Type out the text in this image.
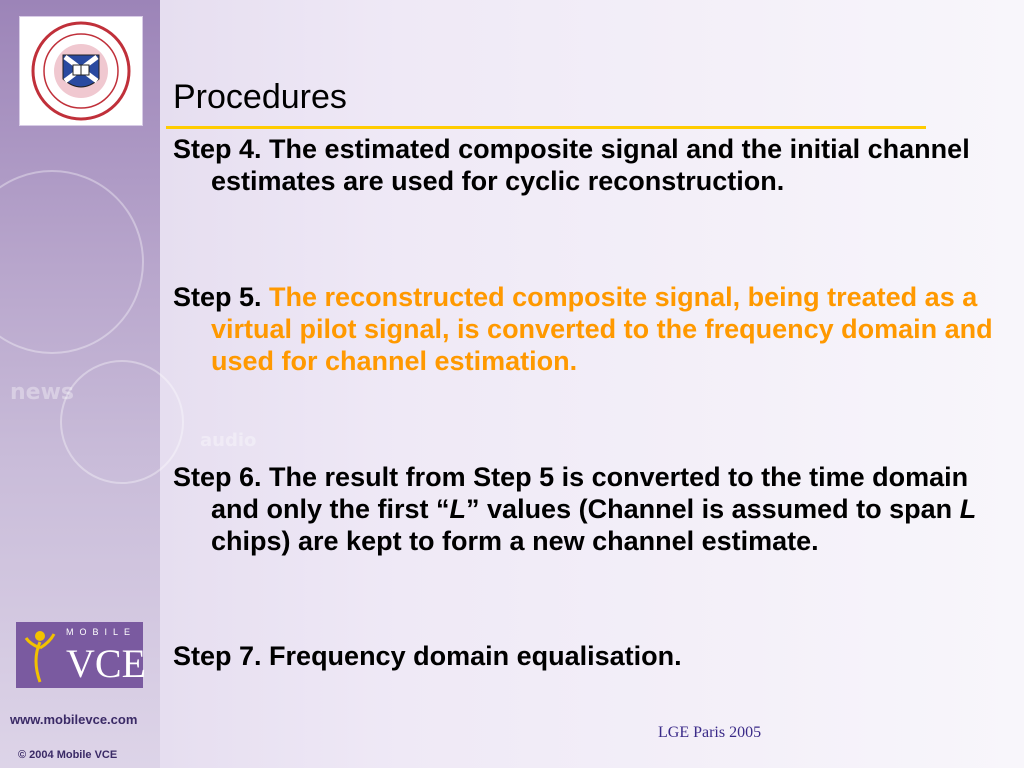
news
audio
MOBILE
VCE
www.mobilevce.com
© 2004 Mobile VCE
Procedures
Step 4. The estimated composite signal and the initial channel estimates are used for cyclic reconstruction.
Step 5. The reconstructed composite signal, being treated as a virtual pilot signal, is converted to the frequency domain and used for channel estimation.
Step 6. The result from Step 5 is converted to the time domain and only the first “L” values (Channel is assumed to span L chips) are kept to form a new channel estimate.
Step 7. Frequency domain equalisation.
LGE Paris 2005
